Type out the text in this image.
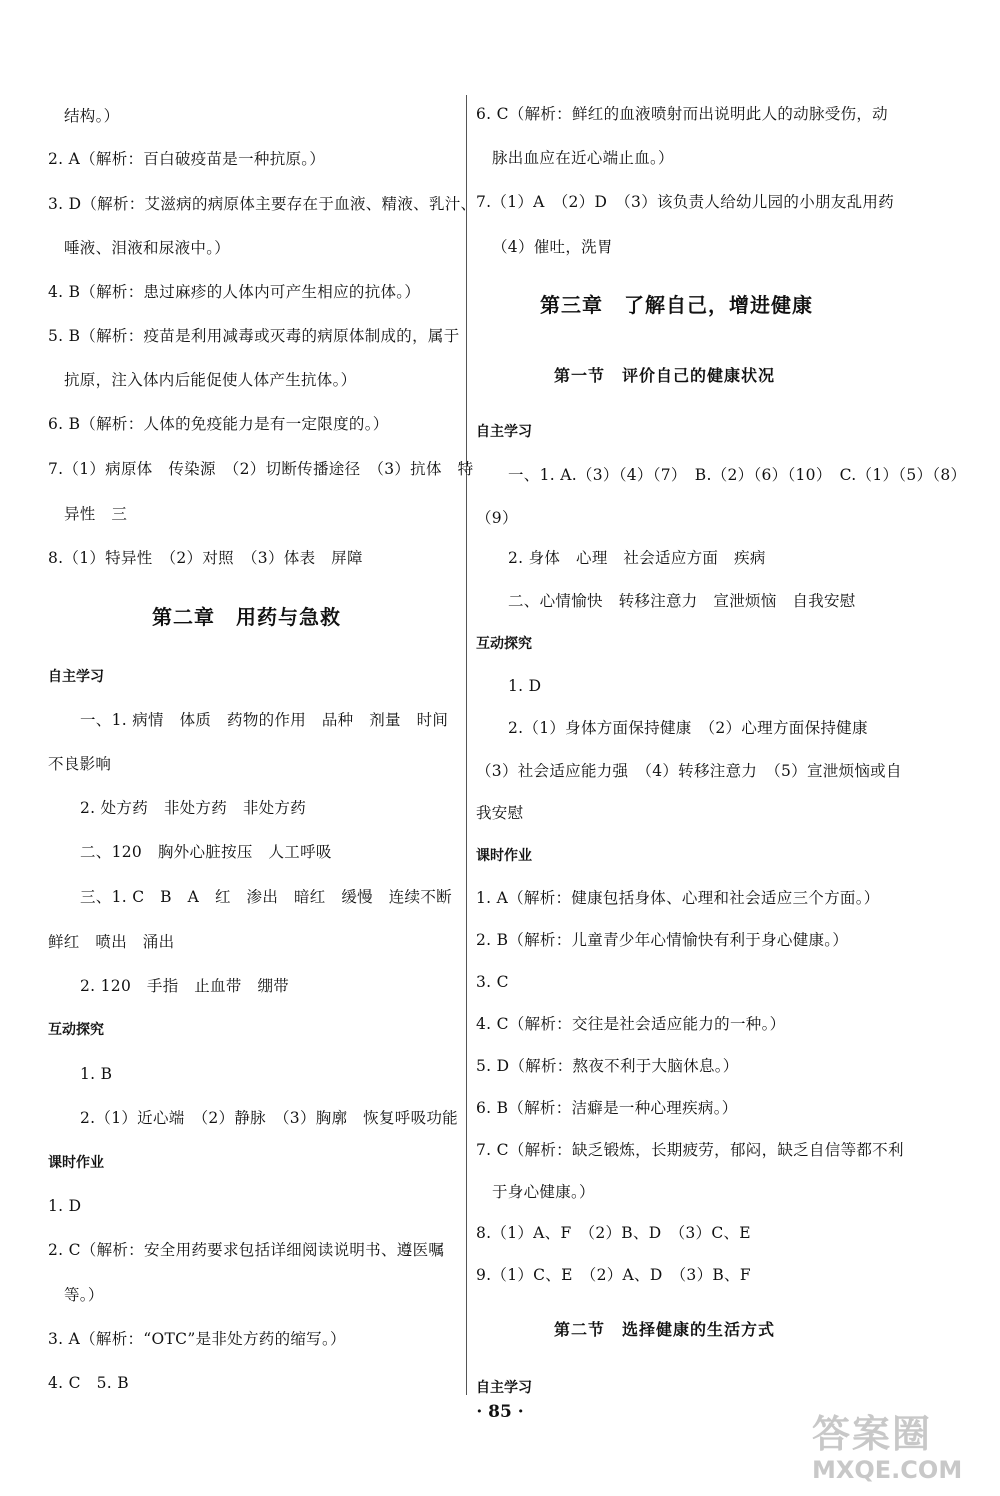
结构。）
2. A（解析：百白破疫苗是一种抗原。）
3. D（解析：艾滋病的病原体主要存在于血液、精液、乳汁、
唾液、泪液和尿液中。）
4. B（解析：患过麻疹的人体内可产生相应的抗体。）
5. B（解析：疫苗是利用减毒或灭毒的病原体制成的，属于
抗原，注入体内后能促使人体产生抗体。）
6. B（解析：人体的免疫能力是有一定限度的。）
7.（1）病原体　传染源　（2）切断传播途径　（3）抗体　特
异性　三
8.（1）特异性　（2）对照　（3）体表　屏障
第二章　用药与急救
自主学习
一、1. 病情　体质　药物的作用　品种　剂量　时间
不良影响
2. 处方药　非处方药　非处方药
二、120　胸外心脏按压　人工呼吸
三、1. C　B　A　红　渗出　暗红　缓慢　连续不断
鲜红　喷出　涌出
2. 120　手指　止血带　绷带
互动探究
1. B
2.（1）近心端　（2）静脉　（3）胸廓　恢复呼吸功能
课时作业
1. D
2. C（解析：安全用药要求包括详细阅读说明书、遵医嘱
等。）
3. A（解析：“OTC”是非处方药的缩写。）
4. C　5. B
6. C（解析：鲜红的血液喷射而出说明此人的动脉受伤，动
脉出血应在近心端止血。）
7.（1）A　（2）D　（3）该负责人给幼儿园的小朋友乱用药
（4）催吐，洗胃
第三章　了解自己，增进健康
第一节　评价自己的健康状况
自主学习
一、1. A.（3）（4）（7）　B.（2）（6）（10）　C.（1）（5）（8）
（9）
2. 身体　心理　社会适应方面　疾病
二、心情愉快　转移注意力　宣泄烦恼　自我安慰
互动探究
1. D
2.（1）身体方面保持健康　（2）心理方面保持健康
（3）社会适应能力强　（4）转移注意力　（5）宣泄烦恼或自
我安慰
课时作业
1. A（解析：健康包括身体、心理和社会适应三个方面。）
2. B（解析：儿童青少年心情愉快有利于身心健康。）
3. C
4. C（解析：交往是社会适应能力的一种。）
5. D（解析：熬夜不利于大脑休息。）
6. B（解析：洁癖是一种心理疾病。）
7. C（解析：缺乏锻炼，长期疲劳，郁闷，缺乏自信等都不利
于身心健康。）
8.（1）A、F　（2）B、D　（3）C、E
9.（1）C、E　（2）A、D　（3）B、F
第二节　选择健康的生活方式
自主学习
· 85 ·	答案圈
MXQE.COM
